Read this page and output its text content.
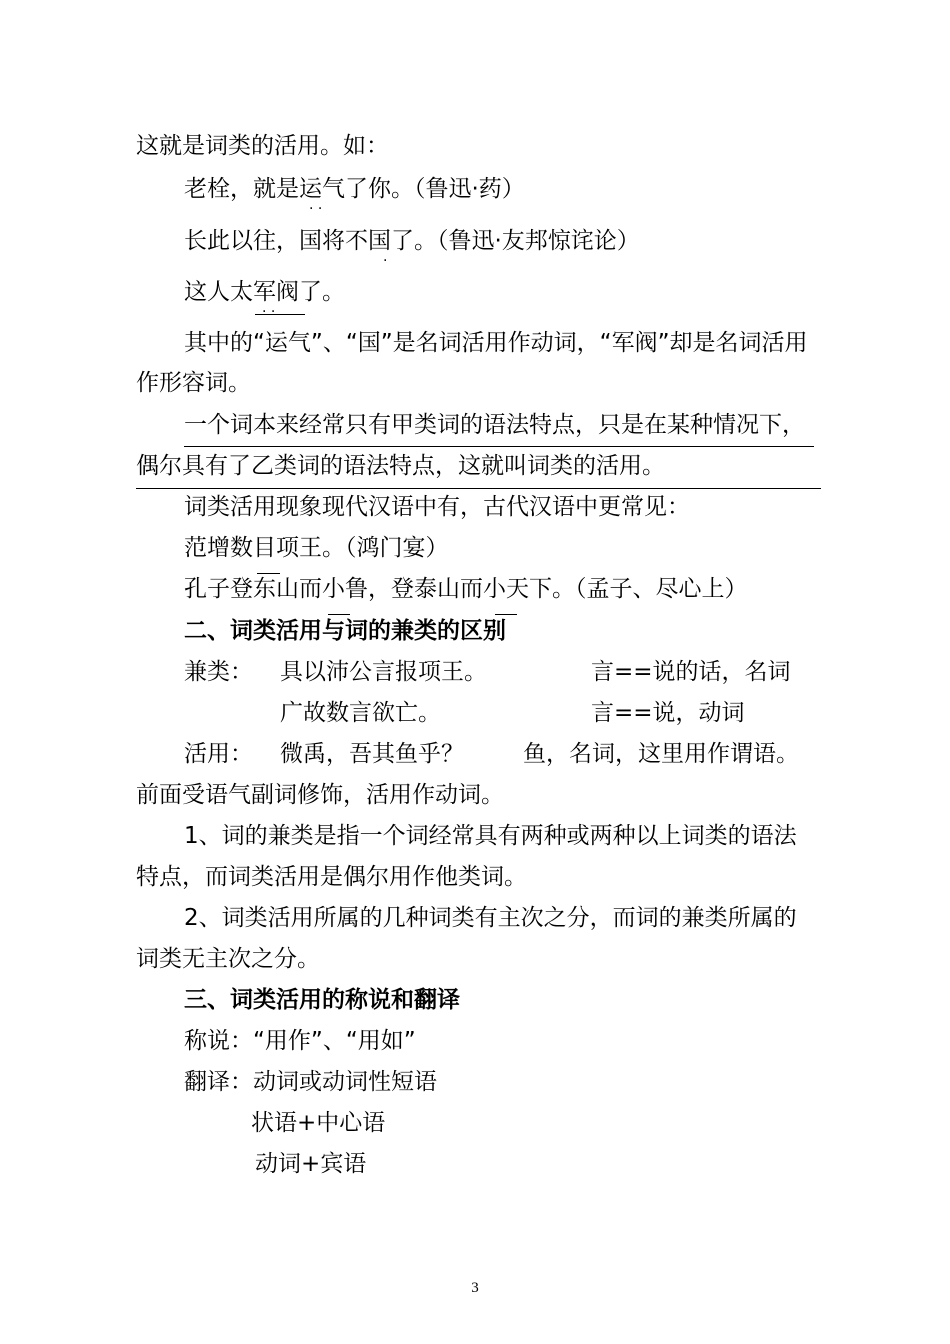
这就是词类的活用。如：
老栓，就是运气了你。（鲁迅·药）
· ·
长此以往，国将不国了。（鲁迅·友邦惊诧论）
·
这人太军阀了。
· ·
其中的“运气”、“国”是名词活用作动词，“军阀”却是名词活用
作形容词。
一个词本来经常只有甲类词的语法特点，只是在某种情况下，
偶尔具有了乙类词的语法特点，这就叫词类的活用。
词类活用现象现代汉语中有，古代汉语中更常见：
范增数目项王。（鸿门宴）
孔子登东山而小鲁，登泰山而小天下。（孟子、尽心上）
二、词类活用与词的兼类的区别
兼类： 具以沛公言报项王。	言==说的话，名词
广故数言欲亡。	言==说，动词
活用： 微禹，吾其鱼乎？	鱼，名词，这里用作谓语。
前面受语气副词修饰，活用作动词。
1、词的兼类是指一个词经常具有两种或两种以上词类的语法
特点，而词类活用是偶尔用作他类词。
2、词类活用所属的几种词类有主次之分，而词的兼类所属的
词类无主次之分。
三、词类活用的称说和翻译
称说：“用作”、“用如”
翻译：动词或动词性短语
状语+中心语
动词+宾语
3
